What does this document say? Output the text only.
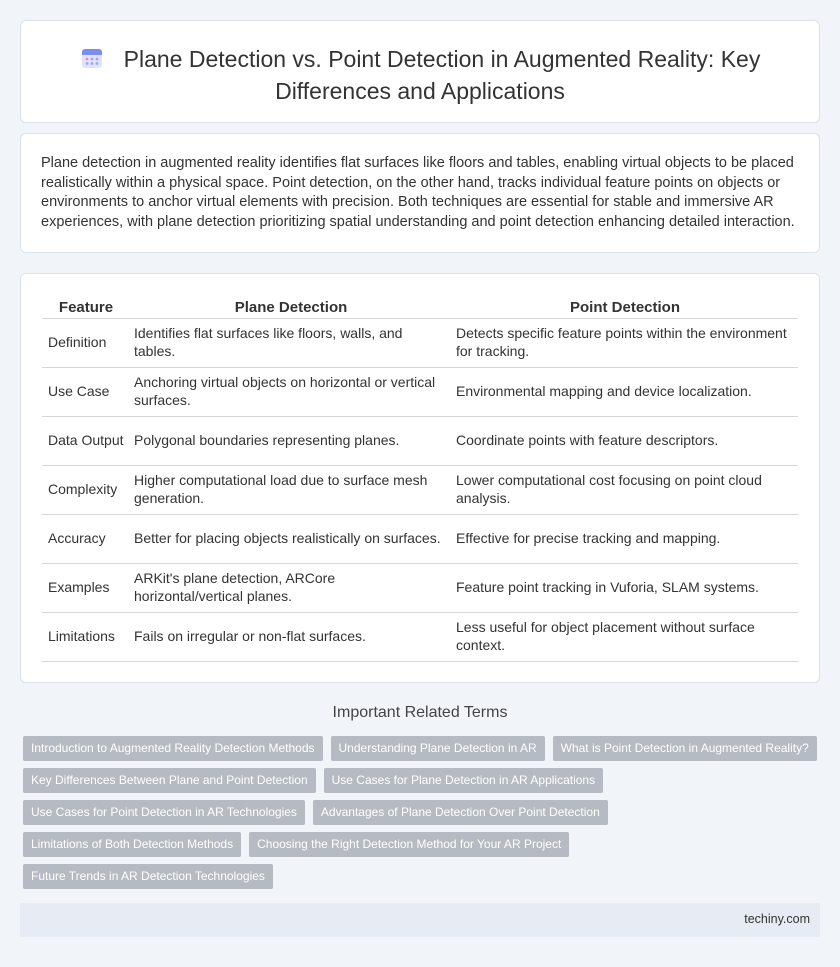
Plane Detection vs. Point Detection in Augmented Reality: Key Differences and Applications

Plane detection in augmented reality identifies flat surfaces like floors and tables, enabling virtual objects to be placed realistically within a physical space. Point detection, on the other hand, tracks individual feature points on objects or environments to anchor virtual elements with precision. Both techniques are essential for stable and immersive AR experiences, with plane detection prioritizing spatial understanding and point detection enhancing detailed interaction.

Feature	Plane Detection	Point Detection
Definition	Identifies flat surfaces like floors, walls, and tables.	Detects specific feature points within the environment for tracking.
Use Case	Anchoring virtual objects on horizontal or vertical surfaces.	Environmental mapping and device localization.
Data Output	Polygonal boundaries representing planes.	Coordinate points with feature descriptors.
Complexity	Higher computational load due to surface mesh generation.	Lower computational cost focusing on point cloud analysis.
Accuracy	Better for placing objects realistically on surfaces.	Effective for precise tracking and mapping.
Examples	ARKit's plane detection, ARCore horizontal/vertical planes.	Feature point tracking in Vuforia, SLAM systems.
Limitations	Fails on irregular or non-flat surfaces.	Less useful for object placement without surface context.
Important Related Terms
Introduction to Augmented Reality Detection Methods Understanding Plane Detection in AR What is Point Detection in Augmented Reality?
Key Differences Between Plane and Point Detection Use Cases for Plane Detection in AR Applications
Use Cases for Point Detection in AR Technologies Advantages of Plane Detection Over Point Detection
Limitations of Both Detection Methods Choosing the Right Detection Method for Your AR Project
Future Trends in AR Detection Technologies
techiny.com
